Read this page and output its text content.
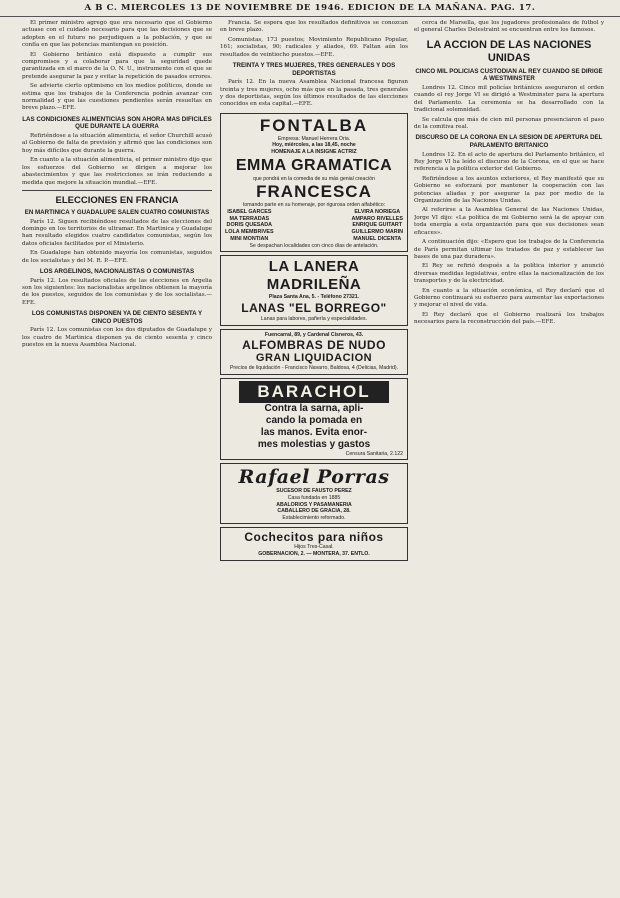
A B C. MIERCOLES 13 DE NOVIEMBRE DE 1946. EDICION DE LA MAÑANA. PAG. 17.

El primer ministro agregó que era necesario que el Gobierno actuase con el cuidado necesario para que las decisiones que se adopten en el futuro no perjudiquen a la población, y que se confía en que las potencias mantengan su posición.

El Gobierno británico está dispuesto a cumplir sus compromisos y a colaborar para que la seguridad quede garantizada en el marco de la O. N. U., instrumento con el que se pretende asegurar la paz y evitar la repetición de pasados errores.

Se advierte cierto optimismo en los medios políticos, donde se estima que los trabajos de la Conferencia podrán avanzar con normalidad y que las cuestiones pendientes serán resueltas en breve plazo.—EFE.

LAS CONDICIONES ALIMENTICIAS SON AHORA MAS DIFICILES QUE DURANTE LA GUERRA

Refiriéndose a la situación alimenticia, el señor Churchill acusó al Gobierno de falta de previsión y afirmó que las condiciones son hoy más difíciles que durante la guerra.

En cuanto a la situación alimenticia, el primer ministro dijo que los esfuerzos del Gobierno se dirigen a mejorar los abastecimientos y que las restricciones se irán reduciendo a medida que mejore la situación mundial.—EFE.

ELECCIONES EN FRANCIA
EN MARTINICA Y GUADALUPE SALEN CUATRO COMUNISTAS

París 12. Siguen recibiéndose resultados de las elecciones del domingo en los territorios de ultramar. En Martinica y Guadalupe han resultado elegidos cuatro candidatos comunistas, según los datos oficiales facilitados por el Ministerio.

En Guadalupe han obtenido mayoría los comunistas, seguidos de los socialistas y del M. R. P.—EFE.

LOS ARGELINOS, NACIONALISTAS O COMUNISTAS

París 12. Los resultados oficiales de las elecciones en Argelia son los siguientes: los nacionalistas argelinos obtienen la mayoría de los puestos, seguidos de los comunistas y de los socialistas.—EFE.

LOS COMUNISTAS DISPONEN YA DE CIENTO SESENTA Y CINCO PUESTOS

París 12. Los comunistas con los dos diputados de Guadalupe y los cuatro de Martinica disponen ya de ciento sesenta y cinco puestos en la nueva Asamblea Nacional.

Francia. Se espera que los resultados definitivos se conozcan en breve plazo.

Comunistas, 173 puestos; Movimiento Republicano Popular, 161; socialistas, 90; radicales y aliados, 69. Faltan aún los resultados de veintiocho puestos.—EFE.

TREINTA Y TRES MUJERES, TRES GENERALES Y DOS DEPORTISTAS

París 12. En la nueva Asamblea Nacional francesa figuran treinta y tres mujeres, ocho más que en la pasada, tres generales y dos deportistas, según los últimos resultados de las elecciones conocidos en esta capital.—EFE.

FONTALBA
Empresa: Manuel Herrera Oria.
Hoy, miércoles, a las 18,45, noche
HOMENAJE A LA INSIGNE ACTRIZ
EMMA GRAMATICA
que pondrá en la comedia de su más genial creación
FRANCESCA
tomando parte en su homenaje, por rigurosa orden alfabético:
ISABEL GARCES
MA TERRADAS
DORIS QUESADA
LOLA MEMBRIVES
MINI MONTIAN
ELVIRA NORIEGA
AMPARO RIVELLES
ENRIQUE GUITART
GUILLERMO MARIN
MANUEL DICENTA
Se despachan localidades con cinco días de antelación.
LA LANERA MADRILEÑA
Plaza Santa Ana, 5. - Teléfono 27321.
LANAS "EL BORREGO"
Lanas para labores, pañería y especialidades.
Fuencarral, 89, y Cardenal Cisneros, 43.
ALFOMBRAS DE NUDO
GRAN LIQUIDACION
Precios de liquidación - Francisco Navarro, Baldosa, 4 (Delicias, Madrid).
BARACHOL
Contra la sarna, apli-
cando la pomada en
las manos. Evita enor-
mes molestias y gastos
Censura Sanitaria, 2.122
Rafael Porras
SUCESOR DE FAUSTO PEREZ
Casa fundada en 1885
ABALORIOS Y PASAMANERIA
CABALLERO DE GRACIA, 28.
Establecimiento reformado.
Cochecitos para niños
Hijos Tres-Casal.
GOBERNACION, 2. — MONTERA, 37. ENTLO.

cerca de Marsella, que los jugadores profesionales de fútbol y el general Charles Delestraint se encuentran entre los famosos.

LA ACCION DE LAS NACIONES UNIDAS
CINCO MIL POLICIAS CUSTODIAN AL REY CUANDO SE DIRIGE A WESTMINSTER

Londres 12. Cinco mil policías británicos aseguraron el orden cuando el rey Jorge VI se dirigió a Westminster para la apertura del Parlamento. La ceremonia se ha desarrollado con la tradicional solemnidad.

Se calcula que más de cien mil personas presenciaron el paso de la comitiva real.

DISCURSO DE LA CORONA EN LA SESION DE APERTURA DEL PARLAMENTO BRITANICO

Londres 12. En el acto de apertura del Parlamento británico, el Rey Jorge VI ha leído el discurso de la Corona, en el que se hace referencia a la política exterior del Gobierno.

Refiriéndose a los asuntos exteriores, el Rey manifestó que su Gobierno se esforzará por mantener la cooperación con las potencias aliadas y por asegurar la paz por medio de la Organización de las Naciones Unidas.

Al referirse a la Asamblea General de las Naciones Unidas, Jorge VI dijo: «La política de mi Gobierno será la de apoyar con toda energía a esta organización para que sus decisiones sean eficaces».

A continuación dijo: «Espero que los trabajos de la Conferencia de París permitan ultimar los tratados de paz y establecer las bases de una paz duradera».

El Rey se refirió después a la política interior y anunció diversas medidas legislativas, entre ellas la nacionalización de los transportes y de la electricidad.

En cuanto a la situación económica, el Rey declaró que el Gobierno continuará su esfuerzo para aumentar las exportaciones y mejorar el nivel de vida.

El Rey declaró que el Gobierno realizará los trabajos necesarios para la reconstrucción del país.—EFE.
